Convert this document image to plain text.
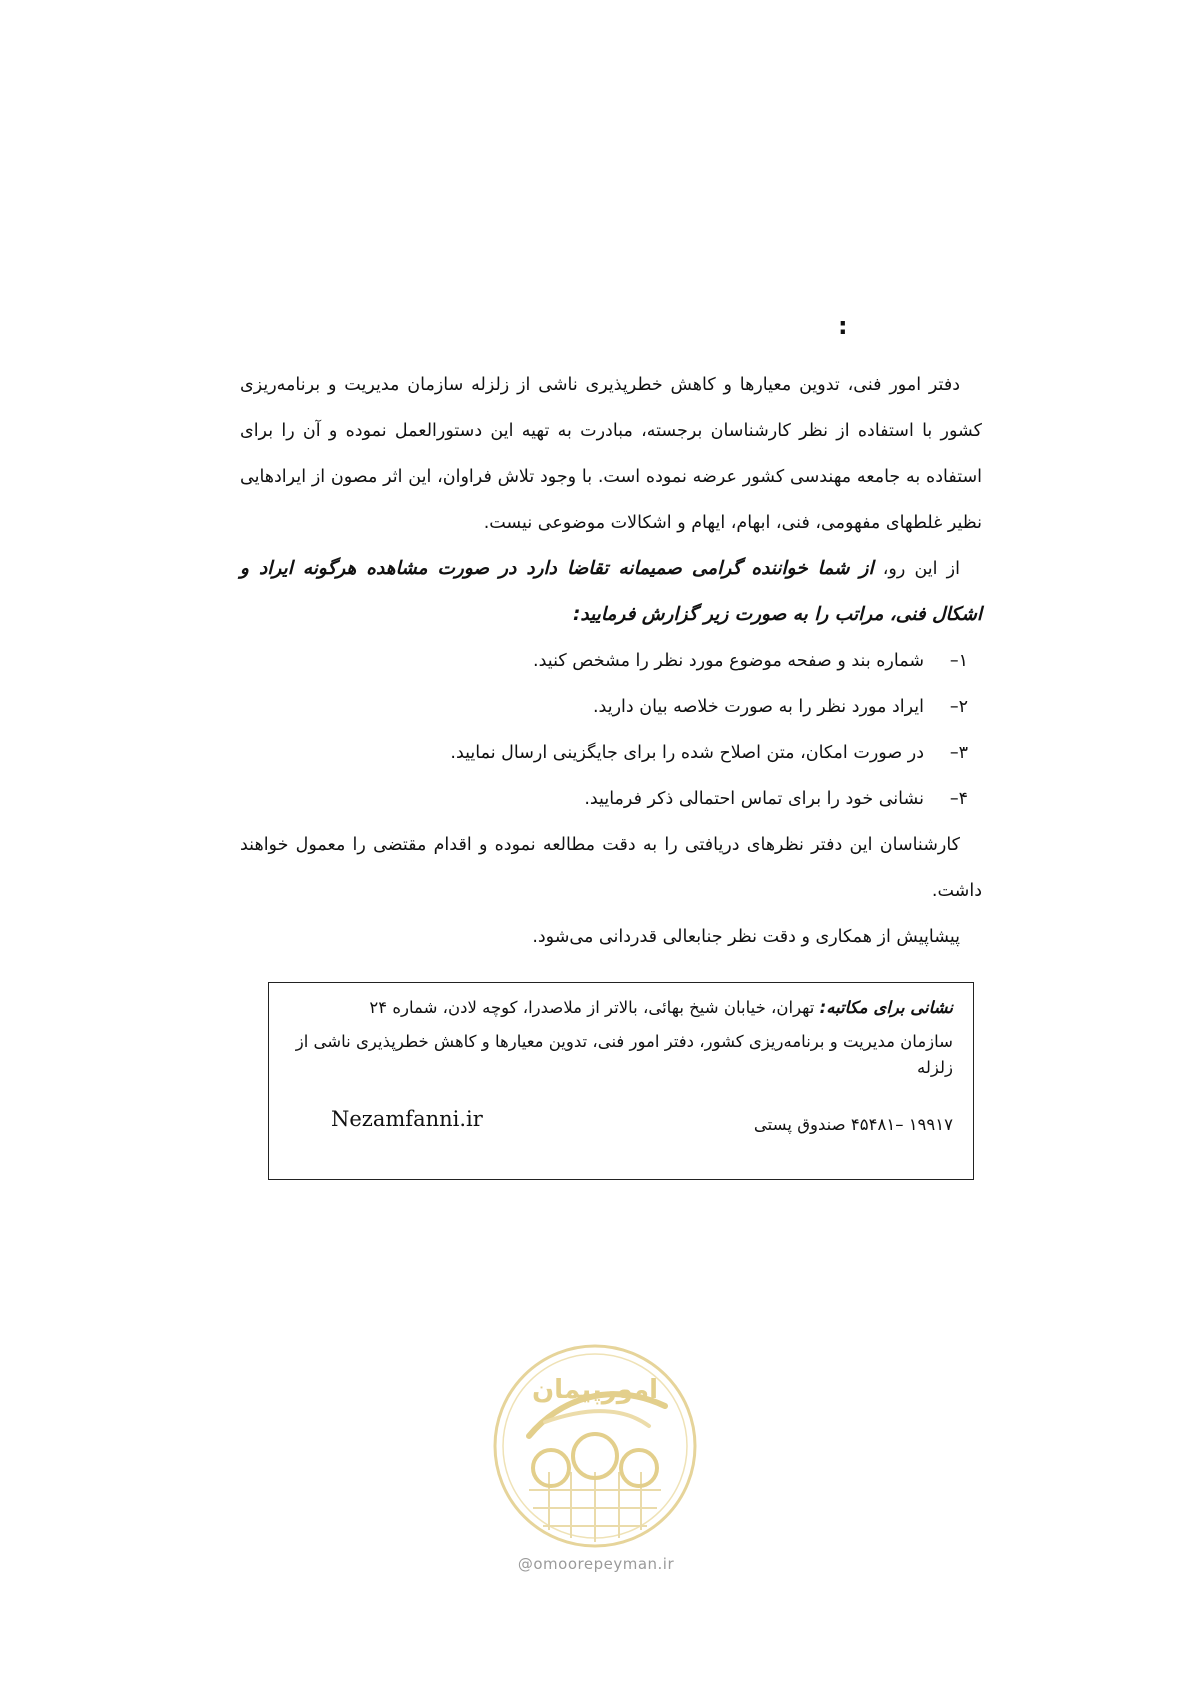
:

دفتر امور فنی، تدوین معیارها و کاهش خطرپذیری ناشی از زلزله سازمان مدیریت و برنامه‌ریزی کشور با استفاده از نظر کارشناسان برجسته، مبادرت به تهیه این دستورالعمل نموده و آن را برای استفاده به جامعه مهندسی کشور عرضه نموده است. با وجود تلاش فراوان، این اثر مصون از ایرادهایی نظیر غلطهای مفهومی، فنی، ابهام، ایهام و اشکالات موضوعی نیست.

از این رو، از شما خواننده گرامی صمیمانه تقاضا دارد در صورت مشاهده هرگونه ایراد و اشکال فنی، مراتب را به صورت زیر گزارش فرمایید:

۱–
شماره بند و صفحه موضوع مورد نظر را مشخص کنید.
۲–
ایراد مورد نظر را به صورت خلاصه بیان دارید.
۳–
در صورت امکان، متن اصلاح شده را برای جایگزینی ارسال نمایید.
۴–
نشانی خود را برای تماس احتمالی ذکر فرمایید.

کارشناسان این دفتر نظرهای دریافتی را به دقت مطالعه نموده و اقدام مقتضی را معمول خواهند داشت.

پیشاپیش از همکاری و دقت نظر جنابعالی قدردانی می‌شود.

نشانی برای مکاتبه: تهران، خیابان شیخ بهائی، بالاتر از ملاصدرا، کوچه لادن، شماره ۲۴

سازمان مدیریت و برنامه‌ریزی کشور، دفتر امور فنی، تدوین معیارها و کاهش خطرپذیری ناشی از زلزله

۱۹۹۱۷ –۴۵۴۸۱ صندوق پستی
Nezamfanni.ir
امورپیمان
@omoorepeyman.ir
